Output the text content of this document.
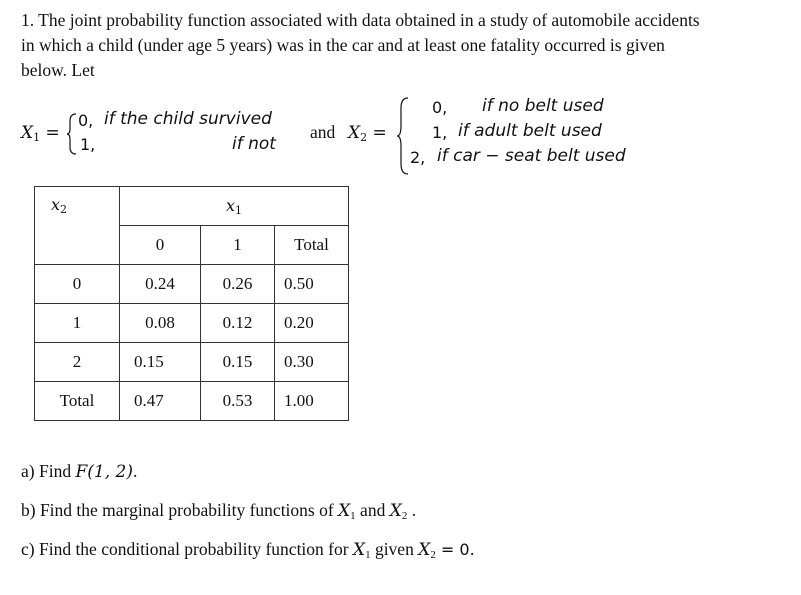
1. The joint probability function associated with data obtained in a study of automobile accidents
in which a child (under age 5 years) was in the car and at least one fatality occurred is given
below. Let
$X_1$ =
0, if the child survived
1,	if not
and $X_2$ =
0, if no belt used
1, if adult belt used
2, if car − seat belt used
$x_2$	$x_1$
	0	1	Total
0	0.24	0.26	0.50
1	0.08	0.12	0.20
2	0.15	0.15	0.30
Total	0.47	0.53	1.00
a) Find F(1, 2).
b) Find the marginal probability functions of $X_1$ and $X_2$ .
c) Find the conditional probability function for $X_1$ given $X_2 = 0$.
